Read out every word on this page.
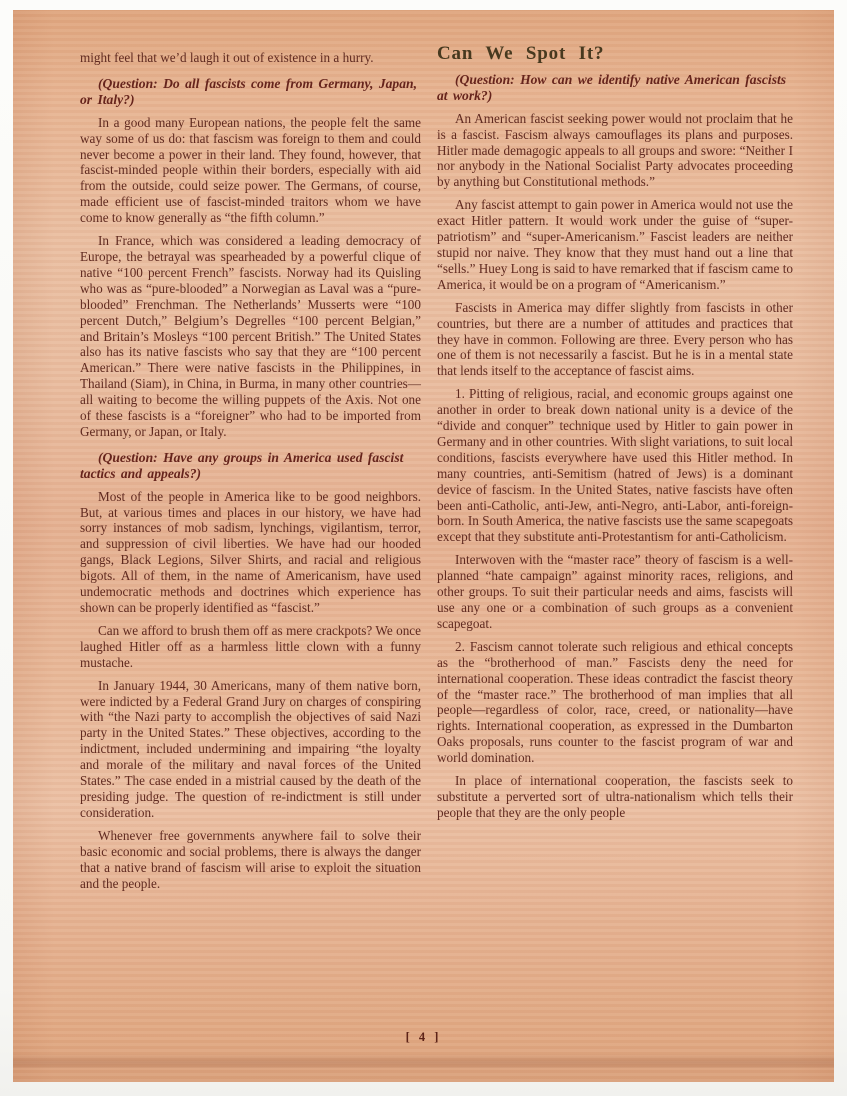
might feel that we’d laugh it out of existence in a hurry.

(Question: Do all fascists come from Germany, Japan, or Italy?)

In a good many European nations, the people felt the same way some of us do: that fascism was foreign to them and could never become a power in their land. They found, however, that fascist-minded people within their borders, especially with aid from the outside, could seize power. The Germans, of course, made efficient use of fascist-minded traitors whom we have come to know generally as “the fifth column.”

In France, which was considered a leading democracy of Europe, the betrayal was spearheaded by a powerful clique of native “100 percent French” fascists. Norway had its Quisling who was as “pure-blooded” a Norwegian as Laval was a “pure-blooded” Frenchman. The Netherlands’ Musserts were “100 percent Dutch,” Belgium’s Degrelles “100 percent Belgian,” and Britain’s Mosleys “100 percent British.” The United States also has its native fascists who say that they are “100 percent American.” There were native fascists in the Philippines, in Thailand (Siam), in China, in Burma, in many other countries—all waiting to become the willing puppets of the Axis. Not one of these fascists is a “foreigner” who had to be imported from Germany, or Japan, or Italy.

(Question: Have any groups in America used fascist tactics and appeals?)

Most of the people in America like to be good neighbors. But, at various times and places in our history, we have had sorry instances of mob sadism, lynchings, vigilantism, terror, and suppression of civil liberties. We have had our hooded gangs, Black Legions, Silver Shirts, and racial and religious bigots. All of them, in the name of Americanism, have used undemocratic methods and doctrines which experience has shown can be properly identified as “fascist.”

Can we afford to brush them off as mere crackpots? We once laughed Hitler off as a harmless little clown with a funny mustache.

In January 1944, 30 Americans, many of them native born, were indicted by a Federal Grand Jury on charges of conspiring with “the Nazi party to accomplish the objectives of said Nazi party in the United States.” These objectives, according to the indictment, included undermining and impairing “the loyalty and morale of the military and naval forces of the United States.” The case ended in a mistrial caused by the death of the presiding judge. The question of re-indictment is still under consideration.

Whenever free governments anywhere fail to solve their basic economic and social problems, there is always the danger that a native brand of fascism will arise to exploit the situation and the people.

Can We Spot It?

(Question: How can we identify native American fascists at work?)

An American fascist seeking power would not proclaim that he is a fascist. Fascism always camouflages its plans and purposes. Hitler made demagogic appeals to all groups and swore: “Neither I nor anybody in the National Socialist Party advocates proceeding by anything but Constitutional methods.”

Any fascist attempt to gain power in America would not use the exact Hitler pattern. It would work under the guise of “super-patriotism” and “super-Americanism.” Fascist leaders are neither stupid nor naive. They know that they must hand out a line that “sells.” Huey Long is said to have remarked that if fascism came to America, it would be on a program of “Americanism.”

Fascists in America may differ slightly from fascists in other countries, but there are a number of attitudes and practices that they have in common. Following are three. Every person who has one of them is not necessarily a fascist. But he is in a mental state that lends itself to the acceptance of fascist aims.

1. Pitting of religious, racial, and economic groups against one another in order to break down national unity is a device of the “divide and conquer” technique used by Hitler to gain power in Germany and in other countries. With slight variations, to suit local conditions, fascists everywhere have used this Hitler method. In many countries, anti-Semitism (hatred of Jews) is a dominant device of fascism. In the United States, native fascists have often been anti-Catholic, anti-Jew, anti-Negro, anti-Labor, anti-foreign-born. In South America, the native fascists use the same scapegoats except that they substitute anti-Protestantism for anti-Catholicism.

Interwoven with the “master race” theory of fascism is a well-planned “hate campaign” against minority races, religions, and other groups. To suit their particular needs and aims, fascists will use any one or a combination of such groups as a convenient scapegoat.

2. Fascism cannot tolerate such religious and ethical concepts as the “brotherhood of man.” Fascists deny the need for international cooperation. These ideas contradict the fascist theory of the “master race.” The brotherhood of man implies that all people—regardless of color, race, creed, or nationality—have rights. International cooperation, as expressed in the Dumbarton Oaks proposals, runs counter to the fascist program of war and world domination.

In place of international cooperation, the fascists seek to substitute a perverted sort of ultra-nationalism which tells their people that they are the only people

[ 4 ]
